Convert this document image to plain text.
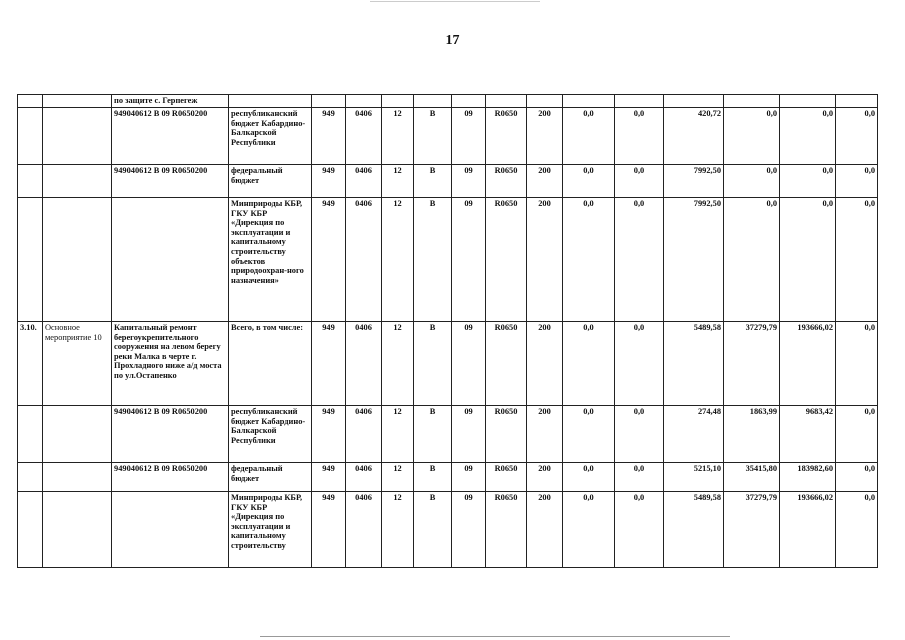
17
		по защите с. Герпегеж														
		949040612 В 09 R0650200	республиканский бюджет Кабардино-Балкарской Республики	949	0406	12	В	09	R0650	200	0,0	0,0	420,72	0,0	0,0	0,0
		949040612 В 09 R0650200	федеральный бюджет	949	0406	12	В	09	R0650	200	0,0	0,0	7992,50	0,0	0,0	0,0
			Минприроды КБР, ГКУ КБР «Дирекция по эксплуатации и капитальному строительству объектов природоохран-ного назначения»	949	0406	12	В	09	R0650	200	0,0	0,0	7992,50	0,0	0,0	0,0
3.10.	Основное мероприятие 10	Капитальный ремонт берегоукрепительного сооружения на левом берегу реки Малка в черте г. Прохладного ниже а/д моста по ул.Остапенко	Всего, в том числе:	949	0406	12	В	09	R0650	200	0,0	0,0	5489,58	37279,79	193666,02	0,0
		949040612 В 09 R0650200	республиканский бюджет Кабардино-Балкарской Республики	949	0406	12	В	09	R0650	200	0,0	0,0	274,48	1863,99	9683,42	0,0
		949040612 В 09 R0650200	федеральный бюджет	949	0406	12	В	09	R0650	200	0,0	0,0	5215,10	35415,80	183982,60	0,0
			Минприроды КБР, ГКУ КБР «Дирекция по эксплуатации и капитальному строительству	949	0406	12	В	09	R0650	200	0,0	0,0	5489,58	37279,79	193666,02	0,0
